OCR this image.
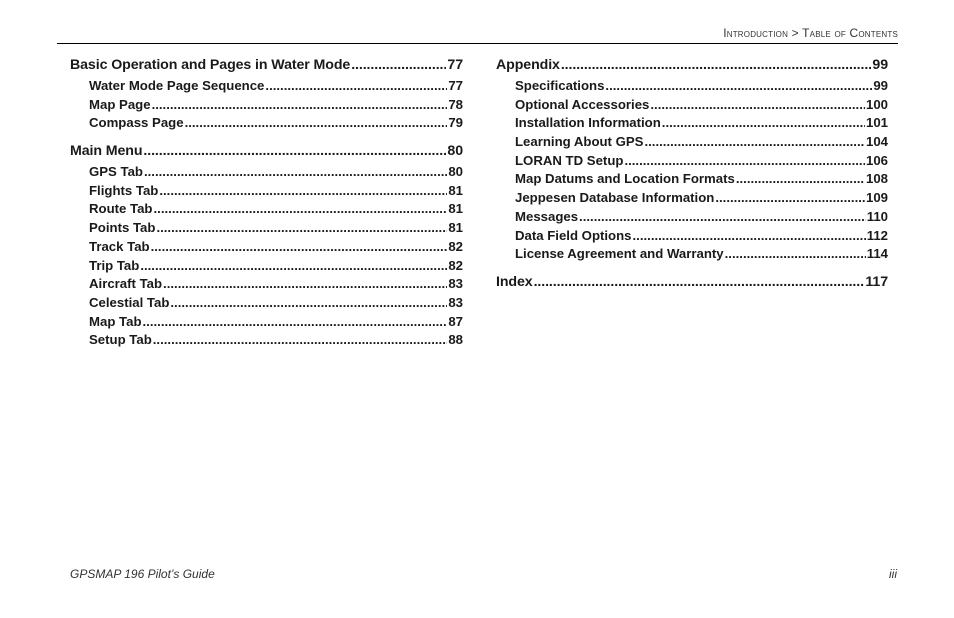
Introduction > Table of Contents
Basic Operation and Pages in Water Mode .....	77
Water Mode Page Sequence .....	77
Map Page .....	78
Compass Page .....	79
Main Menu .....	80
GPS Tab .....	80
Flights Tab .....	81
Route Tab .....	81
Points Tab .....	81
Track Tab .....	82
Trip Tab .....	82
Aircraft Tab .....	83
Celestial Tab .....	83
Map Tab .....	87
Setup Tab .....	88
Appendix .....	99
Specifications .....	99
Optional Accessories .....	100
Installation Information .....	101
Learning About GPS .....	104
LORAN TD Setup .....	106
Map Datums and Location Formats .....	108
Jeppesen Database Information .....	109
Messages .....	110
Data Field Options .....	112
License Agreement and Warranty .....	114
Index .....	117
GPSMAP 196 Pilot’s Guide	iii
